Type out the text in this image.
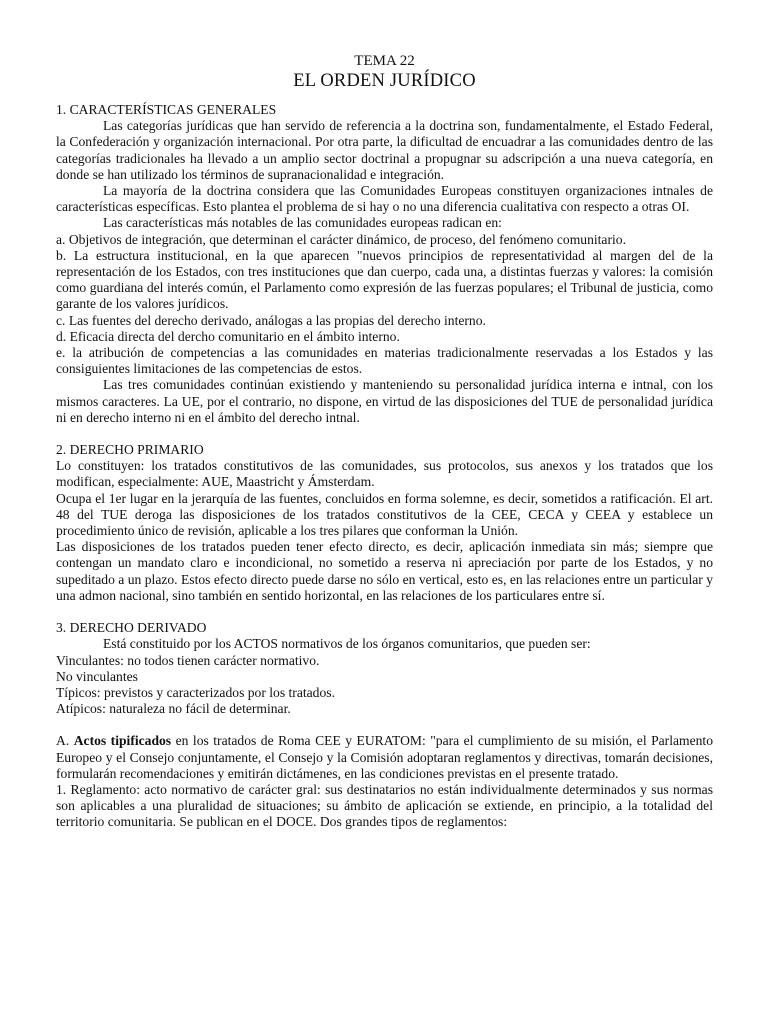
TEMA 22
EL ORDEN JURÍDICO

1. CARACTERÍSTICAS GENERALES

Las categorías jurídicas que han servido de referencia a la doctrina son, fundamentalmente, el Estado Federal, la Confederación y organización internacional. Por otra parte, la dificultad de encuadrar a las comunidades dentro de las categorías tradicionales ha llevado a un amplio sector doctrinal a propugnar su adscripción a una nueva categoría, en donde se han utilizado los términos de supranacionalidad e integración.

La mayoría de la doctrina considera que las Comunidades Europeas constituyen organizaciones intnales de características específicas. Esto plantea el problema de si hay o no una diferencia cualitativa con respecto a otras OI.

Las características más notables de las comunidades europeas radican en:

a. Objetivos de integración, que determinan el carácter dinámico, de proceso, del fenómeno comunitario.

b. La estructura institucional, en la que aparecen "nuevos principios de representatividad al margen del de la representación de los Estados, con tres instituciones que dan cuerpo, cada una, a distintas fuerzas y valores: la comisión como guardiana del interés común, el Parlamento como expresión de las fuerzas populares; el Tribunal de justicia, como garante de los valores jurídicos.

c. Las fuentes del derecho derivado, análogas a las propias del derecho interno.

d. Eficacia directa del dercho comunitario en el ámbito interno.

e. la atribución de competencias a las comunidades en materias tradicionalmente reservadas a los Estados y las consiguientes limitaciones de las competencias de estos.

Las tres comunidades continúan existiendo y manteniendo su personalidad jurídica interna e intnal, con los mismos caracteres. La UE, por el contrario, no dispone, en virtud de las disposiciones del TUE de personalidad jurídica ni en derecho interno ni en el ámbito del derecho intnal.

2. DERECHO PRIMARIO

Lo constituyen: los tratados constitutivos de las comunidades, sus protocolos, sus anexos y los tratados que los modifican, especialmente: AUE, Maastricht y Ámsterdam.

Ocupa el 1er lugar en la jerarquía de las fuentes, concluidos en forma solemne, es decir, sometidos a ratificación. El art. 48 del TUE deroga las disposiciones de los tratados constitutivos de la CEE, CECA y CEEA y establece un procedimiento único de revisión, aplicable a los tres pilares que conforman la Unión.

Las disposiciones de los tratados pueden tener efecto directo, es decir, aplicación inmediata sin más; siempre que contengan un mandato claro e incondicional, no sometido a reserva ni apreciación por parte de los Estados, y no supeditado a un plazo. Estos efecto directo puede darse no sólo en vertical, esto es, en las relaciones entre un particular y una admon nacional, sino también en sentido horizontal, en las relaciones de los particulares entre sí.

3. DERECHO DERIVADO

Está constituido por los ACTOS normativos de los órganos comunitarios, que pueden ser:

Vinculantes: no todos tienen carácter normativo.

No vinculantes

Típicos: previstos y caracterizados por los tratados.

Atípicos: naturaleza no fácil de determinar.

A. Actos tipificados en los tratados de Roma CEE y EURATOM: "para el cumplimiento de su misión, el Parlamento Europeo y el Consejo conjuntamente, el Consejo y la Comisión adoptaran reglamentos y directivas, tomarán decisiones, formularán recomendaciones y emitirán dictámenes, en las condiciones previstas en el presente tratado.

1. Reglamento: acto normativo de carácter gral: sus destinatarios no están individualmente determinados y sus normas son aplicables a una pluralidad de situaciones; su ámbito de aplicación se extiende, en principio, a la totalidad del territorio comunitaria. Se publican en el DOCE. Dos grandes tipos de reglamentos:
